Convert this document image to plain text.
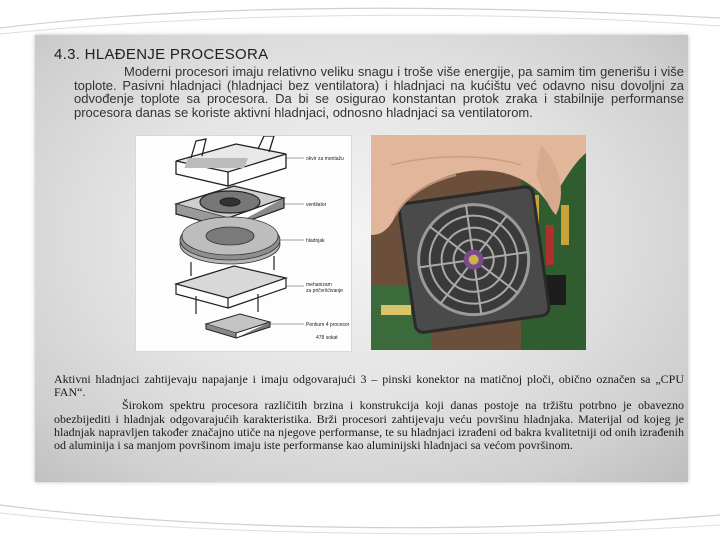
4.3. HLAĐENJE PROCESORA
Moderni procesori imaju relativno veliku snagu i troše više energije, pa samim tim generišu i više toplote. Pasivni hladnjaci (hladnjaci bez ventilatora) i hladnjaci na kućištu već odavno nisu dovoljni za odvođenje toplote sa procesora. Da bi se osigurao konstantan protok zraka i stabilnije performanse procesora danas se koriste aktivni hladnjaci, odnosno hladnjaci sa ventilatorom.
okvir za montažu
ventilator
hladnjak
mehanizam
za pričvršćivanje
Pentium 4 procesor
478 sokat

Aktivni hladnjaci zahtijevaju napajanje i imaju odgovarajući 3 – pinski konektor na matičnoj ploči, obično označen sa „CPU FAN“.

Širokom spektru procesora različitih brzina i konstrukcija koji danas postoje na tržištu potrbno je obavezno obezbijediti i hladnjak odgovarajućih karakteristika. Brži procesori zahtijevaju veću površinu hladnjaka. Materijal od kojeg je hladnjak napravljen također značajno utiče na njegove performanse, te su hladnjaci izrađeni od bakra kvalitetniji od onih izrađenih od aluminija i sa manjom površinom imaju iste performanse kao aluminijski hladnjaci sa većom površinom.
